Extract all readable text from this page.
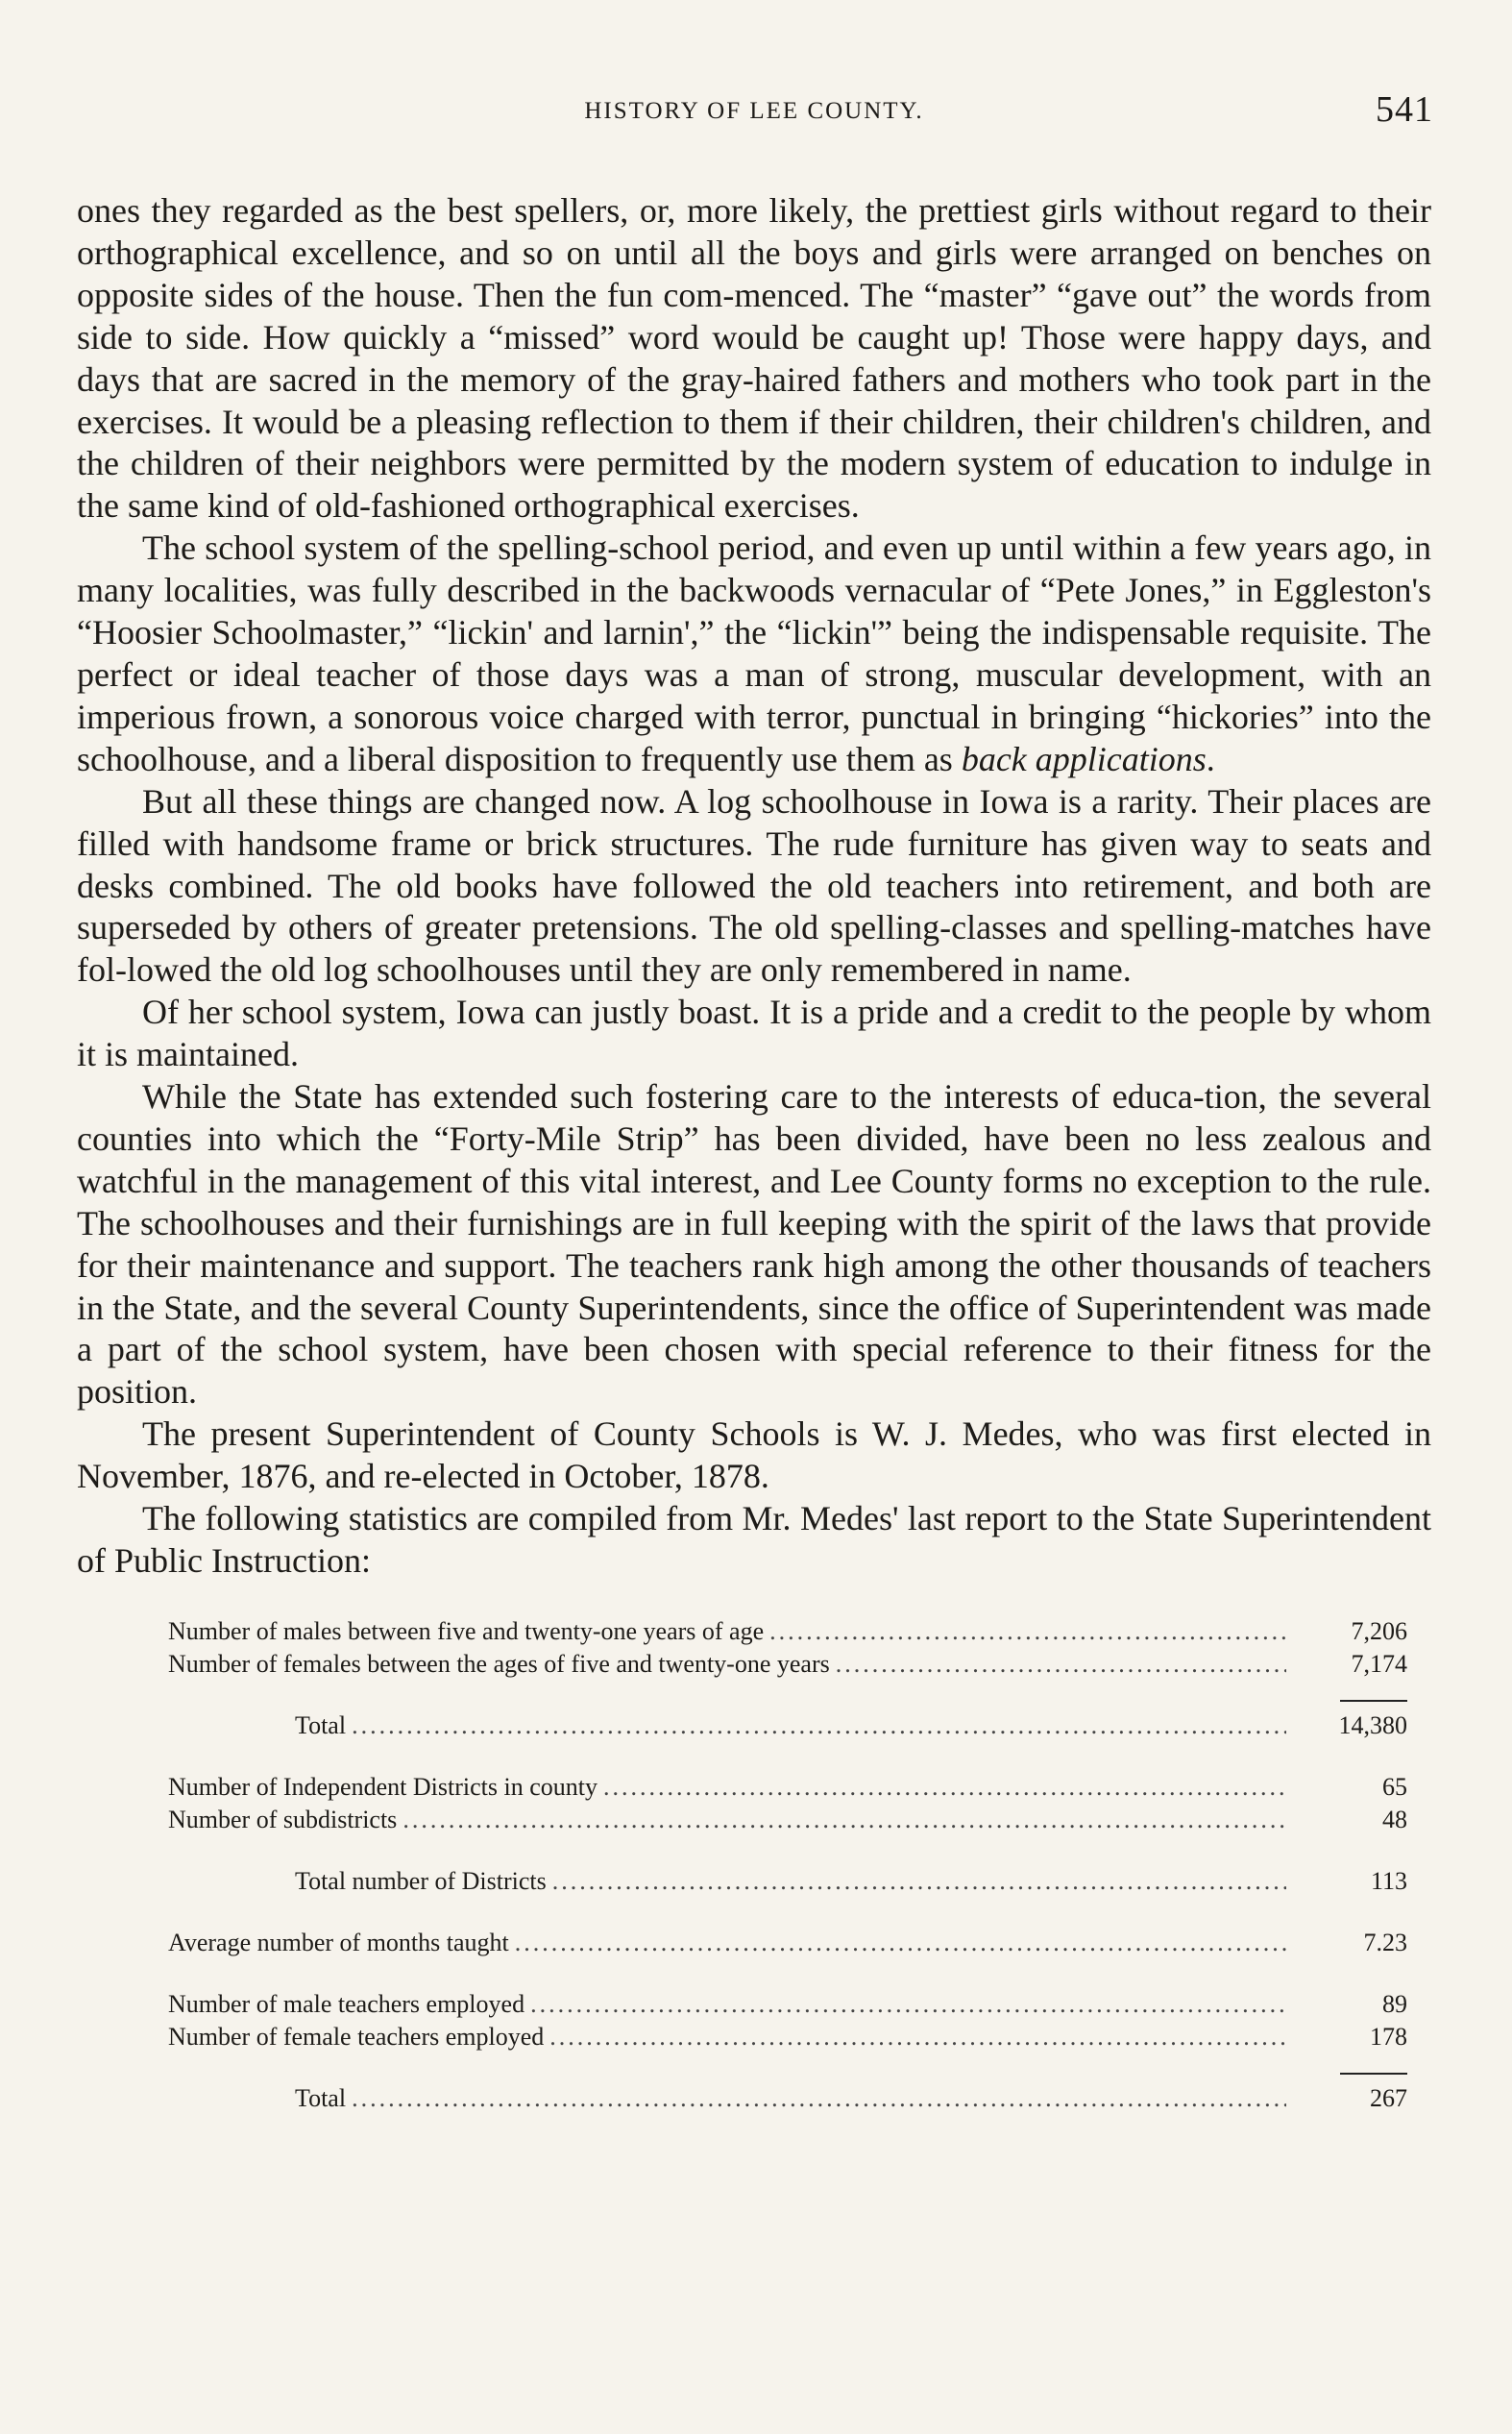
HISTORY OF LEE COUNTY.	541

ones they regarded as the best spellers, or, more likely, the prettiest girls without regard to their orthographical excellence, and so on until all the boys and girls were arranged on benches on opposite sides of the house. Then the fun com-menced. The “master” “gave out” the words from side to side. How quickly a “missed” word would be caught up! Those were happy days, and days that are sacred in the memory of the gray-haired fathers and mothers who took part in the exercises. It would be a pleasing reflection to them if their children, their children's children, and the children of their neighbors were permitted by the modern system of education to indulge in the same kind of old-fashioned orthographical exercises.

The school system of the spelling-school period, and even up until within a few years ago, in many localities, was fully described in the backwoods vernacular of “Pete Jones,” in Eggleston's “Hoosier Schoolmaster,” “lickin' and larnin',” the “lickin'” being the indispensable requisite. The perfect or ideal teacher of those days was a man of strong, muscular development, with an imperious frown, a sonorous voice charged with terror, punctual in bringing “hickories” into the schoolhouse, and a liberal disposition to frequently use them as back applications.

But all these things are changed now. A log schoolhouse in Iowa is a rarity. Their places are filled with handsome frame or brick structures. The rude furniture has given way to seats and desks combined. The old books have followed the old teachers into retirement, and both are superseded by others of greater pretensions. The old spelling-classes and spelling-matches have fol-lowed the old log schoolhouses until they are only remembered in name.

Of her school system, Iowa can justly boast. It is a pride and a credit to the people by whom it is maintained.

While the State has extended such fostering care to the interests of educa-tion, the several counties into which the “Forty-Mile Strip” has been divided, have been no less zealous and watchful in the management of this vital interest, and Lee County forms no exception to the rule. The schoolhouses and their furnishings are in full keeping with the spirit of the laws that provide for their maintenance and support. The teachers rank high among the other thousands of teachers in the State, and the several County Superintendents, since the office of Superintendent was made a part of the school system, have been chosen with special reference to their fitness for the position.

The present Superintendent of County Schools is W. J. Medes, who was first elected in November, 1876, and re-elected in October, 1878.

The following statistics are compiled from Mr. Medes' last report to the State Superintendent of Public Instruction:

Number of males between five and twenty-one years of age .....	7,206
Number of females between the ages of five and twenty-one years .....	7,174
Total .....	14,380
Number of Independent Districts in county .....	65
Number of subdistricts .....	48
Total number of Districts .....	113
Average number of months taught .....	7.23
Number of male teachers employed .....	89
Number of female teachers employed .....	178
Total .....	267
